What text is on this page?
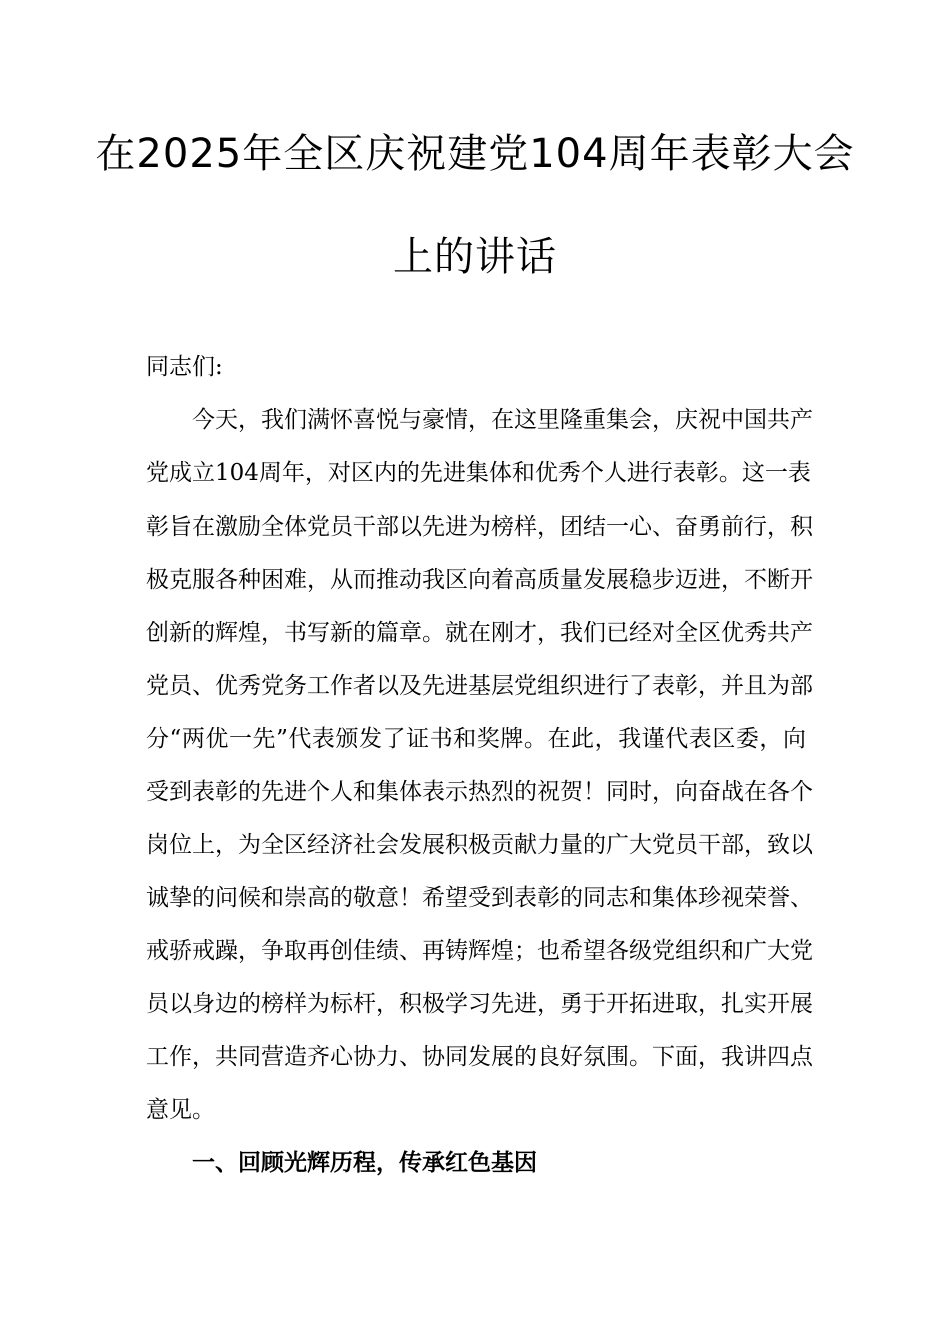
在2025年全区庆祝建党104周年表彰大会
上的讲话
同志们:
今天，我们满怀喜悦与豪情，在这里隆重集会，庆祝中国共产
党成立104周年，对区内的先进集体和优秀个人进行表彰。这一表
彰旨在激励全体党员干部以先进为榜样，团结一心、奋勇前行，积
极克服各种困难，从而推动我区向着高质量发展稳步迈进，不断开
创新的辉煌，书写新的篇章。就在刚才，我们已经对全区优秀共产
党员、优秀党务工作者以及先进基层党组织进行了表彰，并且为部
分“两优一先”代表颁发了证书和奖牌。在此，我谨代表区委，向
受到表彰的先进个人和集体表示热烈的祝贺！同时，向奋战在各个
岗位上，为全区经济社会发展积极贡献力量的广大党员干部，致以
诚挚的问候和崇高的敬意！希望受到表彰的同志和集体珍视荣誉、
戒骄戒躁，争取再创佳绩、再铸辉煌；也希望各级党组织和广大党
员以身边的榜样为标杆，积极学习先进，勇于开拓进取，扎实开展
工作，共同营造齐心协力、协同发展的良好氛围。下面，我讲四点
意见。
一、回顾光辉历程，传承红色基因
